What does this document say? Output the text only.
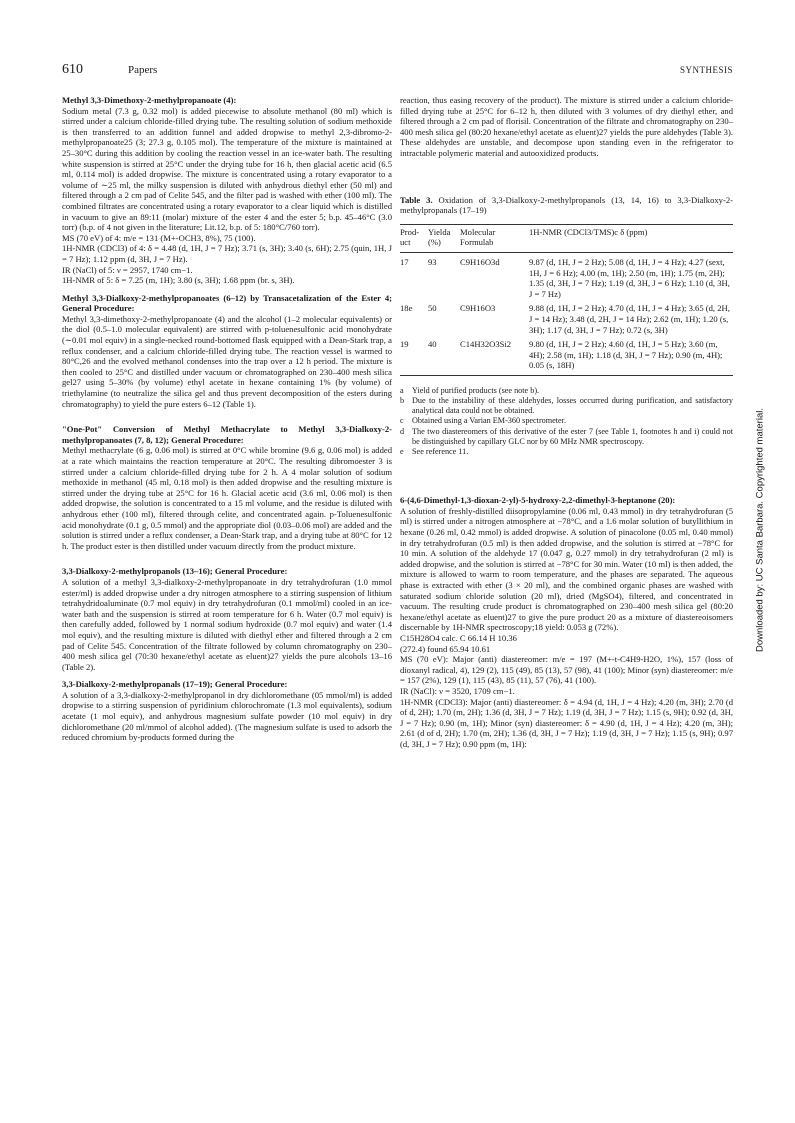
610	Papers	SYNTHESIS

Methyl 3,3-Dimethoxy-2-methylpropanoate (4):

Sodium metal (7.3 g, 0.32 mol) is added piecewise to absolute methanol (80 ml) which is stirred under a calcium chloride-filled drying tube. The resulting solution of sodium methoxide is then transferred to an addition funnel and added dropwise to methyl 2,3-dibromo-2-methylpropanoate25 (3; 27.3 g, 0.105 mol). The temperature of the mixture is maintained at 25–30°C during this addition by cooling the reaction vessel in an ice-water bath. The resulting white suspension is stirred at 25°C under the drying tube for 16 h, then glacial acetic acid (6.5 ml, 0.114 mol) is added dropwise. The mixture is concentrated using a rotary evaporator to a volume of ∼25 ml, the milky suspension is diluted with anhydrous diethyl ether (50 ml) and filtered through a 2 cm pad of Celite 545, and the filter pad is washed with ether (100 ml). The combined filtrates are concentrated using a rotary evaporator to a clear liquid which is distilled in vacuum to give an 89:11 (molar) mixture of the ester 4 and the ester 5; b.p. 45–46°C (3.0 torr) (b.p. of 4 not given in the literature; Lit.12, b.p. of 5: 180°C/760 torr).

MS (70 eV) of 4: m/e = 131 (M+-OCH3, 8%), 75 (100).

1H-NMR (CDCl3) of 4: δ = 4.48 (d, 1H, J = 7 Hz); 3.71 (s, 3H); 3.40 (s, 6H); 2.75 (quin, 1H, J = 7 Hz); 1.12 ppm (d, 3H, J = 7 Hz).

IR (NaCl) of 5: ν = 2957, 1740 cm−1.

1H-NMR of 5: δ = 7.25 (m, 1H); 3.80 (s, 3H); 1.68 ppm (br. s, 3H).

Methyl 3,3-Dialkoxy-2-methylpropanoates (6–12) by Transacetalization of the Ester 4; General Procedure:

Methyl 3,3-dimethoxy-2-methylpropanoate (4) and the alcohol (1–2 molecular equivalents) or the diol (0.5–1.0 molecular equivalent) are stirred with p-toluenesulfonic acid monohydrate (∼0.01 mol equiv) in a single-necked round-bottomed flask equipped with a Dean-Stark trap, a reflux condenser, and a calcium chloride-filled drying tube. The reaction vessel is warmed to 80°C,26 and the evolved methanol condenses into the trap over a 12 h period. The mixture is then cooled to 25°C and distilled under vacuum or chromatographed on 230–400 mesh silica gel27 using 5–30% (by volume) ethyl acetate in hexane containing 1% (by volume) of triethylamine (to neutralize the silica gel and thus prevent decomposition of the esters during chromatography) to yield the pure esters 6–12 (Table 1).

"One-Pot" Conversion of Methyl Methacrylate to Methyl 3,3-Dialkoxy-2-methylpropanoates (7, 8, 12); General Procedure:

Methyl methacrylate (6 g, 0.06 mol) is stirred at 0°C while bromine (9.6 g, 0.06 mol) is added at a rate which maintains the reaction temperature at 20°C. The resulting dibromoester 3 is stirred under a calcium chloride-filled drying tube for 2 h. A 4 molar solution of sodium methoxide in methanol (45 ml, 0.18 mol) is then added dropwise and the resulting mixture is stirred under the drying tube at 25°C for 16 h. Glacial acetic acid (3.6 ml, 0.06 mol) is then added dropwise, the solution is concentrated to a 15 ml volume, and the residue is diluted with anhydrous ether (100 ml), filtered through celite, and concentrated again. p-Toluenesulfonic acid monohydrate (0.1 g, 0.5 mmol) and the appropriate diol (0.03–0.06 mol) are added and the solution is stirred under a reflux condenser, a Dean-Stark trap, and a drying tube at 80°C for 12 h. The product ester is then distilled under vacuum directly from the product mixture.

3,3-Dialkoxy-2-methylpropanols (13–16); General Procedure:

A solution of a methyl 3,3-dialkoxy-2-methylpropanoate in dry tetrahydrofuran (1.0 mmol ester/ml) is added dropwise under a dry nitrogen atmosphere to a stirring suspension of lithium tetrahydridoaluminate (0.7 mol equiv) in dry tetrahydrofuran (0.1 mmol/ml) cooled in an ice-water bath and the suspension is stirred at room temperature for 6 h. Water (0.7 mol equiv) is then carefully added, followed by 1 normal sodium hydroxide (0.7 mol equiv) and water (1.4 mol equiv), and the resulting mixture is diluted with diethyl ether and filtered through a 2 cm pad of Celite 545. Concentration of the filtrate followed by column chromatography on 230–400 mesh silica gel (70:30 hexane/ethyl acetate as eluent)27 yields the pure alcohols 13–16 (Table 2).

3,3-Dialkoxy-2-methylpropanals (17–19); General Procedure:

A solution of a 3,3-dialkoxy-2-methylpropanol in dry dichloromethane (05 mmol/ml) is added dropwise to a stirring suspension of pyridinium chlorochromate (1.3 mol equivalents), sodium acetate (1 mol equiv), and anhydrous magnesium sulfate powder (10 mol equiv) in dry dichloromethane (20 ml/mmol of alcohol added). (The magnesium sulfate is used to adsorb the reduced chromium by-products formed during the

reaction, thus easing recovery of the product). The mixture is stirred under a calcium chloride-filled drying tube at 25°C for 6–12 h, then diluted with 3 volumes of dry diethyl ether, and filtered through a 2 cm pad of florisil. Concentration of the filtrate and chromatography on 230–400 mesh silica gel (80:20 hexane/ethyl acetate as eluent)27 yields the pure aldehydes (Table 3). These aldehydes are unstable, and decompose upon standing even in the refrigerator to intractable polymeric material and autooxidized products.

Table 3. Oxidation of 3,3-Dialkoxy-2-methylpropanols (13, 14, 16) to 3,3-Dialkoxy-2-methylpropanals (17–19)
Prod-uct	Yielda (%)	Molecular Formulab	1H-NMR (CDCl3/TMS)c δ (ppm)
17	93	C9H16O3d	9.87 (d, 1H, J = 2 Hz); 5.08 (d, 1H, J = 4 Hz); 4.27 (sext, 1H, J = 6 Hz); 4.00 (m, 1H); 2.50 (m, 1H); 1.75 (m, 2H); 1.35 (d, 3H, J = 7 Hz); 1.19 (d, 3H, J = 6 Hz); 1.10 (d, 3H, J = 7 Hz)
18e	50	C9H16O3	9.88 (d, 1H, J = 2 Hz); 4.70 (d, 1H, J = 4 Hz); 3.65 (d, 2H, J = 14 Hz); 3.48 (d, 2H, J = 14 Hz); 2.62 (m, 1H); 1.20 (s, 3H); 1.17 (d, 3H, J = 7 Hz); 0.72 (s, 3H)
19	40	C14H32O3Si2	9.80 (d, 1H, J = 2 Hz); 4.60 (d, 1H, J = 5 Hz); 3.60 (m, 4H); 2.58 (m, 1H); 1.18 (d, 3H, J = 7 Hz); 0.90 (m, 4H); 0.05 (s, 18H)
a	Yield of purified products (see note b).
b Due to the instability of these aldehydes, losses occurred during purification, and satisfactory analytical data could not be obtained.
c	Obtained using a Varian EM-360 spectrometer.
d The two diastereomers of this derivative of the ester 7 (see Table 1, footnotes h and i) could not be distinguished by capillary GLC nor by 60 MHz NMR spectroscopy.
e	See reference 11.

6-(4,6-Dimethyl-1,3-dioxan-2-yl)-5-hydroxy-2,2-dimethyl-3-heptanone (20):

A solution of freshly-distilled diisopropylamine (0.06 ml, 0.43 mmol) in dry tetrahydrofuran (5 ml) is stirred under a nitrogen atmosphere at −78°C, and a 1.6 molar solution of butyllithium in hexane (0.26 ml, 0.42 mmol) is added dropwise. A solution of pinacolone (0.05 ml, 0.40 mmol) in dry tetrahydrofuran (0.5 ml) is then added dropwise, and the solution is stirred at −78°C for 10 min. A solution of the aldehyde 17 (0.047 g, 0.27 mmol) in dry tetrahydrofuran (2 ml) is added dropwise, and the solution is stirred at −78°C for 30 min. Water (10 ml) is then added, the mixture is allowed to warm to room temperature, and the phases are separated. The aqueous phase is extracted with ether (3 × 20 ml), and the combined organic phases are washed with saturated sodium chloride solution (20 ml), dried (MgSO4), filtered, and concentrated in vacuum. The resulting crude product is chromatographed on 230–400 mesh silica gel (80:20 hexane/ethyl acetate as eluent)27 to give the pure product 20 as a mixture of diastereoisomers discernable by 1H-NMR spectroscopy;18 yield: 0.053 g (72%).

C15H28O4 calc. C 66.14 H 10.36

(272.4) found 65.94 10.61

MS (70 eV): Major (anti) diastereomer: m/e = 197 (M+-t-C4H9-H2O, 1%), 157 (loss of dioxanyl radical, 4), 129 (2), 115 (49), 85 (13), 57 (98), 41 (100); Minor (syn) diastereomer: m/e = 157 (2%), 129 (1), 115 (43), 85 (11), 57 (76), 41 (100).

IR (NaCl): ν = 3520, 1709 cm−1.

1H-NMR (CDCl3): Major (anti) diastereomer: δ = 4.94 (d, 1H, J = 4 Hz); 4.20 (m, 3H); 2.70 (d of d, 2H); 1.70 (m, 2H); 1.36 (d, 3H, J = 7 Hz); 1.19 (d, 3H, J = 7 Hz); 1.15 (s, 9H); 0.92 (d, 3H, J = 7 Hz); 0.90 (m, 1H); Minor (syn) diastereomer: δ = 4.90 (d, 1H, J = 4 Hz); 4.20 (m, 3H); 2.61 (d of d, 2H); 1.70 (m, 2H); 1.36 (d, 3H, J = 7 Hz); 1.19 (d, 3H, J = 7 Hz); 1.15 (s, 9H); 0.97 (d, 3H, J = 7 Hz); 0.90 ppm (m, 1H):

Downloaded by: UC Santa Barbara. Copyrighted material.
